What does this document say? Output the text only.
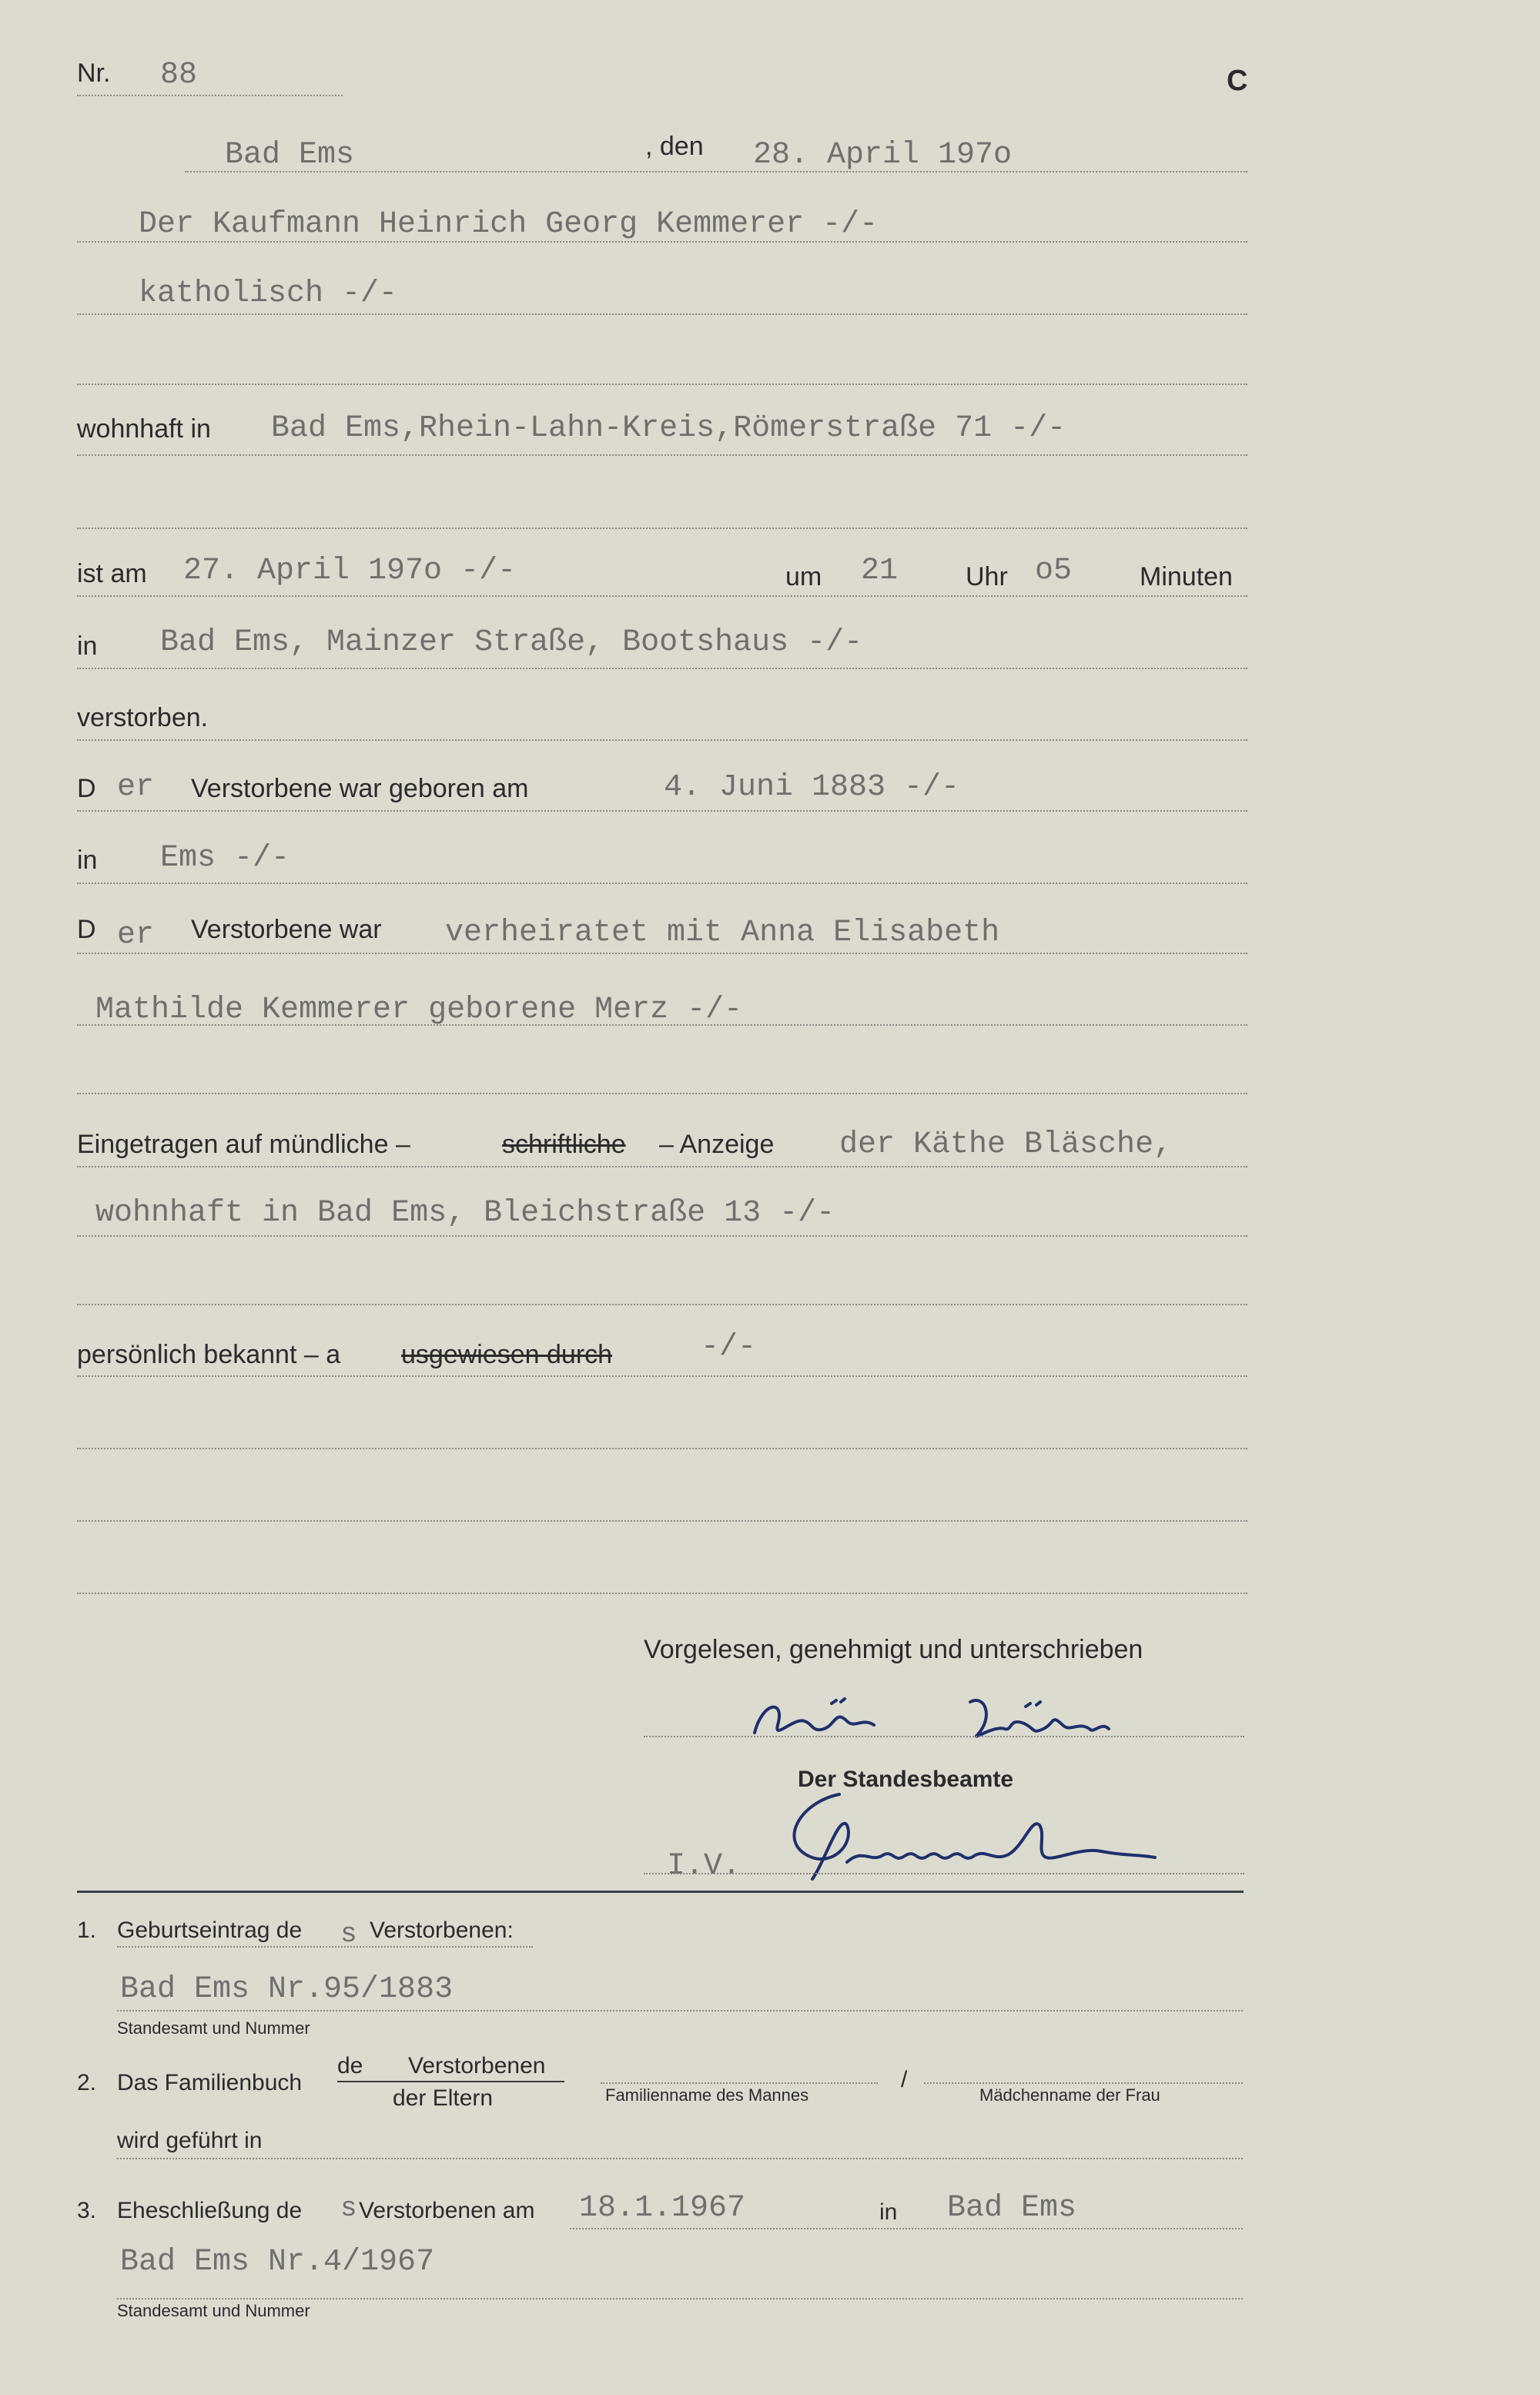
C
Nr. 88
Bad Ems	, den 28. April 197o
Der Kaufmann Heinrich Georg Kemmerer -/-
katholisch -/-
wohnhaft in Bad Ems,Rhein-Lahn-Kreis,Römerstraße 71 -/-
ist am 27. April 197o -/-	um 21	Uhr o5	Minuten
in Bad Ems, Mainzer Straße, Bootshaus -/-
verstorben.
D er Verstorbene war geboren am	4. Juni 1883 -/-
in Ems -/-
D er Verstorbene war verheiratet mit Anna Elisabeth
Mathilde Kemmerer geborene Merz -/-
Eingetragen auf mündliche –	schriftliche – Anzeige der Käthe Bläsche,
wohnhaft in Bad Ems, Bleichstraße 13 -/-
persönlich bekannt – a usgewiesen durch	-/-
Vorgelesen, genehmigt und unterschrieben
Der Standesbeamte
I.V.
1. Geburtseintrag de s Verstorbenen:
Bad Ems Nr.95/1883
Standesamt und Nummer
2. Das Familienbuch
de Verstorbenen
der Eltern	Familienname des Mannes
/
Mädchenname der Frau
wird geführt in
3. Eheschließung de s Verstorbenen am 18.1.1967	in Bad Ems
Bad Ems Nr.4/1967
Standesamt und Nummer
